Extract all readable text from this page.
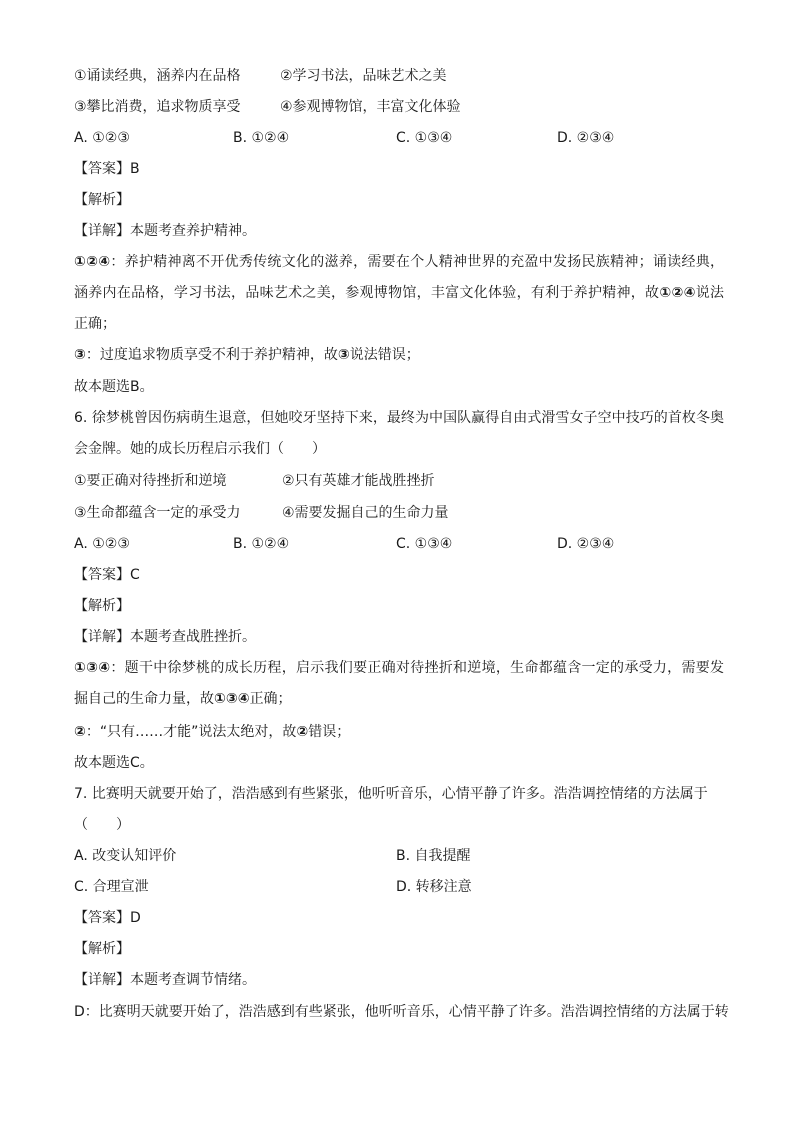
①诵读经典，涵养内在品格	②学习书法，品味艺术之美
③攀比消费，追求物质享受	④参观博物馆，丰富文化体验
A. ①②③	B. ①②④	C. ①③④	D. ②③④
【答案】B
【解析】
【详解】本题考查养护精神。
①②④：养护精神离不开优秀传统文化的滋养，需要在个人精神世界的充盈中发扬民族精神；诵读经典，涵养内在品格，学习书法，品味艺术之美，参观博物馆，丰富文化体验，有利于养护精神，故①②④说法正确；
③：过度追求物质享受不利于养护精神，故③说法错误；
故本题选B。
6. 徐梦桃曾因伤病萌生退意，但她咬牙坚持下来，最终为中国队赢得自由式滑雪女子空中技巧的首枚冬奥会金牌。她的成长历程启示我们（　　）
①要正确对待挫折和逆境	②只有英雄才能战胜挫折
③生命都蕴含一定的承受力	④需要发掘自己的生命力量
A. ①②③	B. ①②④	C. ①③④	D. ②③④
【答案】C
【解析】
【详解】本题考查战胜挫折。
①③④：题干中徐梦桃的成长历程，启示我们要正确对待挫折和逆境，生命都蕴含一定的承受力，需要发掘自己的生命力量，故①③④正确；
②：“只有……才能”说法太绝对，故②错误；
故本题选C。
7. 比赛明天就要开始了，浩浩感到有些紧张，他听听音乐，心情平静了许多。浩浩调控情绪的方法属于
（　　）
A. 改变认知评价	B. 自我提醒
C. 合理宣泄	D. 转移注意
【答案】D
【解析】
【详解】本题考查调节情绪。
D：比赛明天就要开始了，浩浩感到有些紧张，他听听音乐，心情平静了许多。浩浩调控情绪的方法属于转
